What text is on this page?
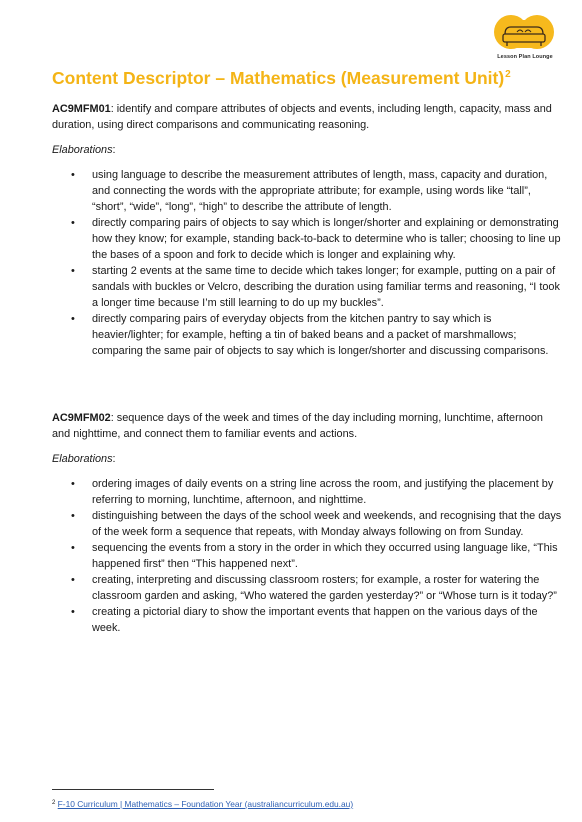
Lesson Plan Lounge
Content Descriptor – Mathematics (Measurement Unit)$^2$

AC9MFM01: identify and compare attributes of objects and events, including length, capacity, mass and duration, using direct comparisons and communicating reasoning.

Elaborations:

• using language to describe the measurement attributes of length, mass, capacity and duration, and connecting the words with the appropriate attribute; for example, using words like “tall”, “short”, “wide”, “long”, “high” to describe the attribute of length.
• directly comparing pairs of objects to say which is longer/shorter and explaining or demonstrating how they know; for example, standing back-to-back to determine who is taller; choosing to line up the bases of a spoon and fork to decide which is longer and explaining why.
• starting 2 events at the same time to decide which takes longer; for example, putting on a pair of sandals with buckles or Velcro, describing the duration using familiar terms and reasoning, “I took a longer time because I’m still learning to do up my buckles”.
• directly comparing pairs of everyday objects from the kitchen pantry to say which is heavier/lighter; for example, hefting a tin of baked beans and a packet of marshmallows; comparing the same pair of objects to say which is longer/shorter and discussing comparisons.

AC9MFM02: sequence days of the week and times of the day including morning, lunchtime, afternoon and nighttime, and connect them to familiar events and actions.

Elaborations:

• ordering images of daily events on a string line across the room, and justifying the placement by referring to morning, lunchtime, afternoon, and nighttime.
• distinguishing between the days of the school week and weekends, and recognising that the days of the week form a sequence that repeats, with Monday always following on from Sunday.
• sequencing the events from a story in the order in which they occurred using language like, “This happened first” then “This happened next”.
• creating, interpreting and discussing classroom rosters; for example, a roster for watering the classroom garden and asking, “Who watered the garden yesterday?” or “Whose turn is it today?”
• creating a pictorial diary to show the important events that happen on the various days of the week.
$^2$ F-10 Curriculum | Mathematics – Foundation Year (australiancurriculum.edu.au)
